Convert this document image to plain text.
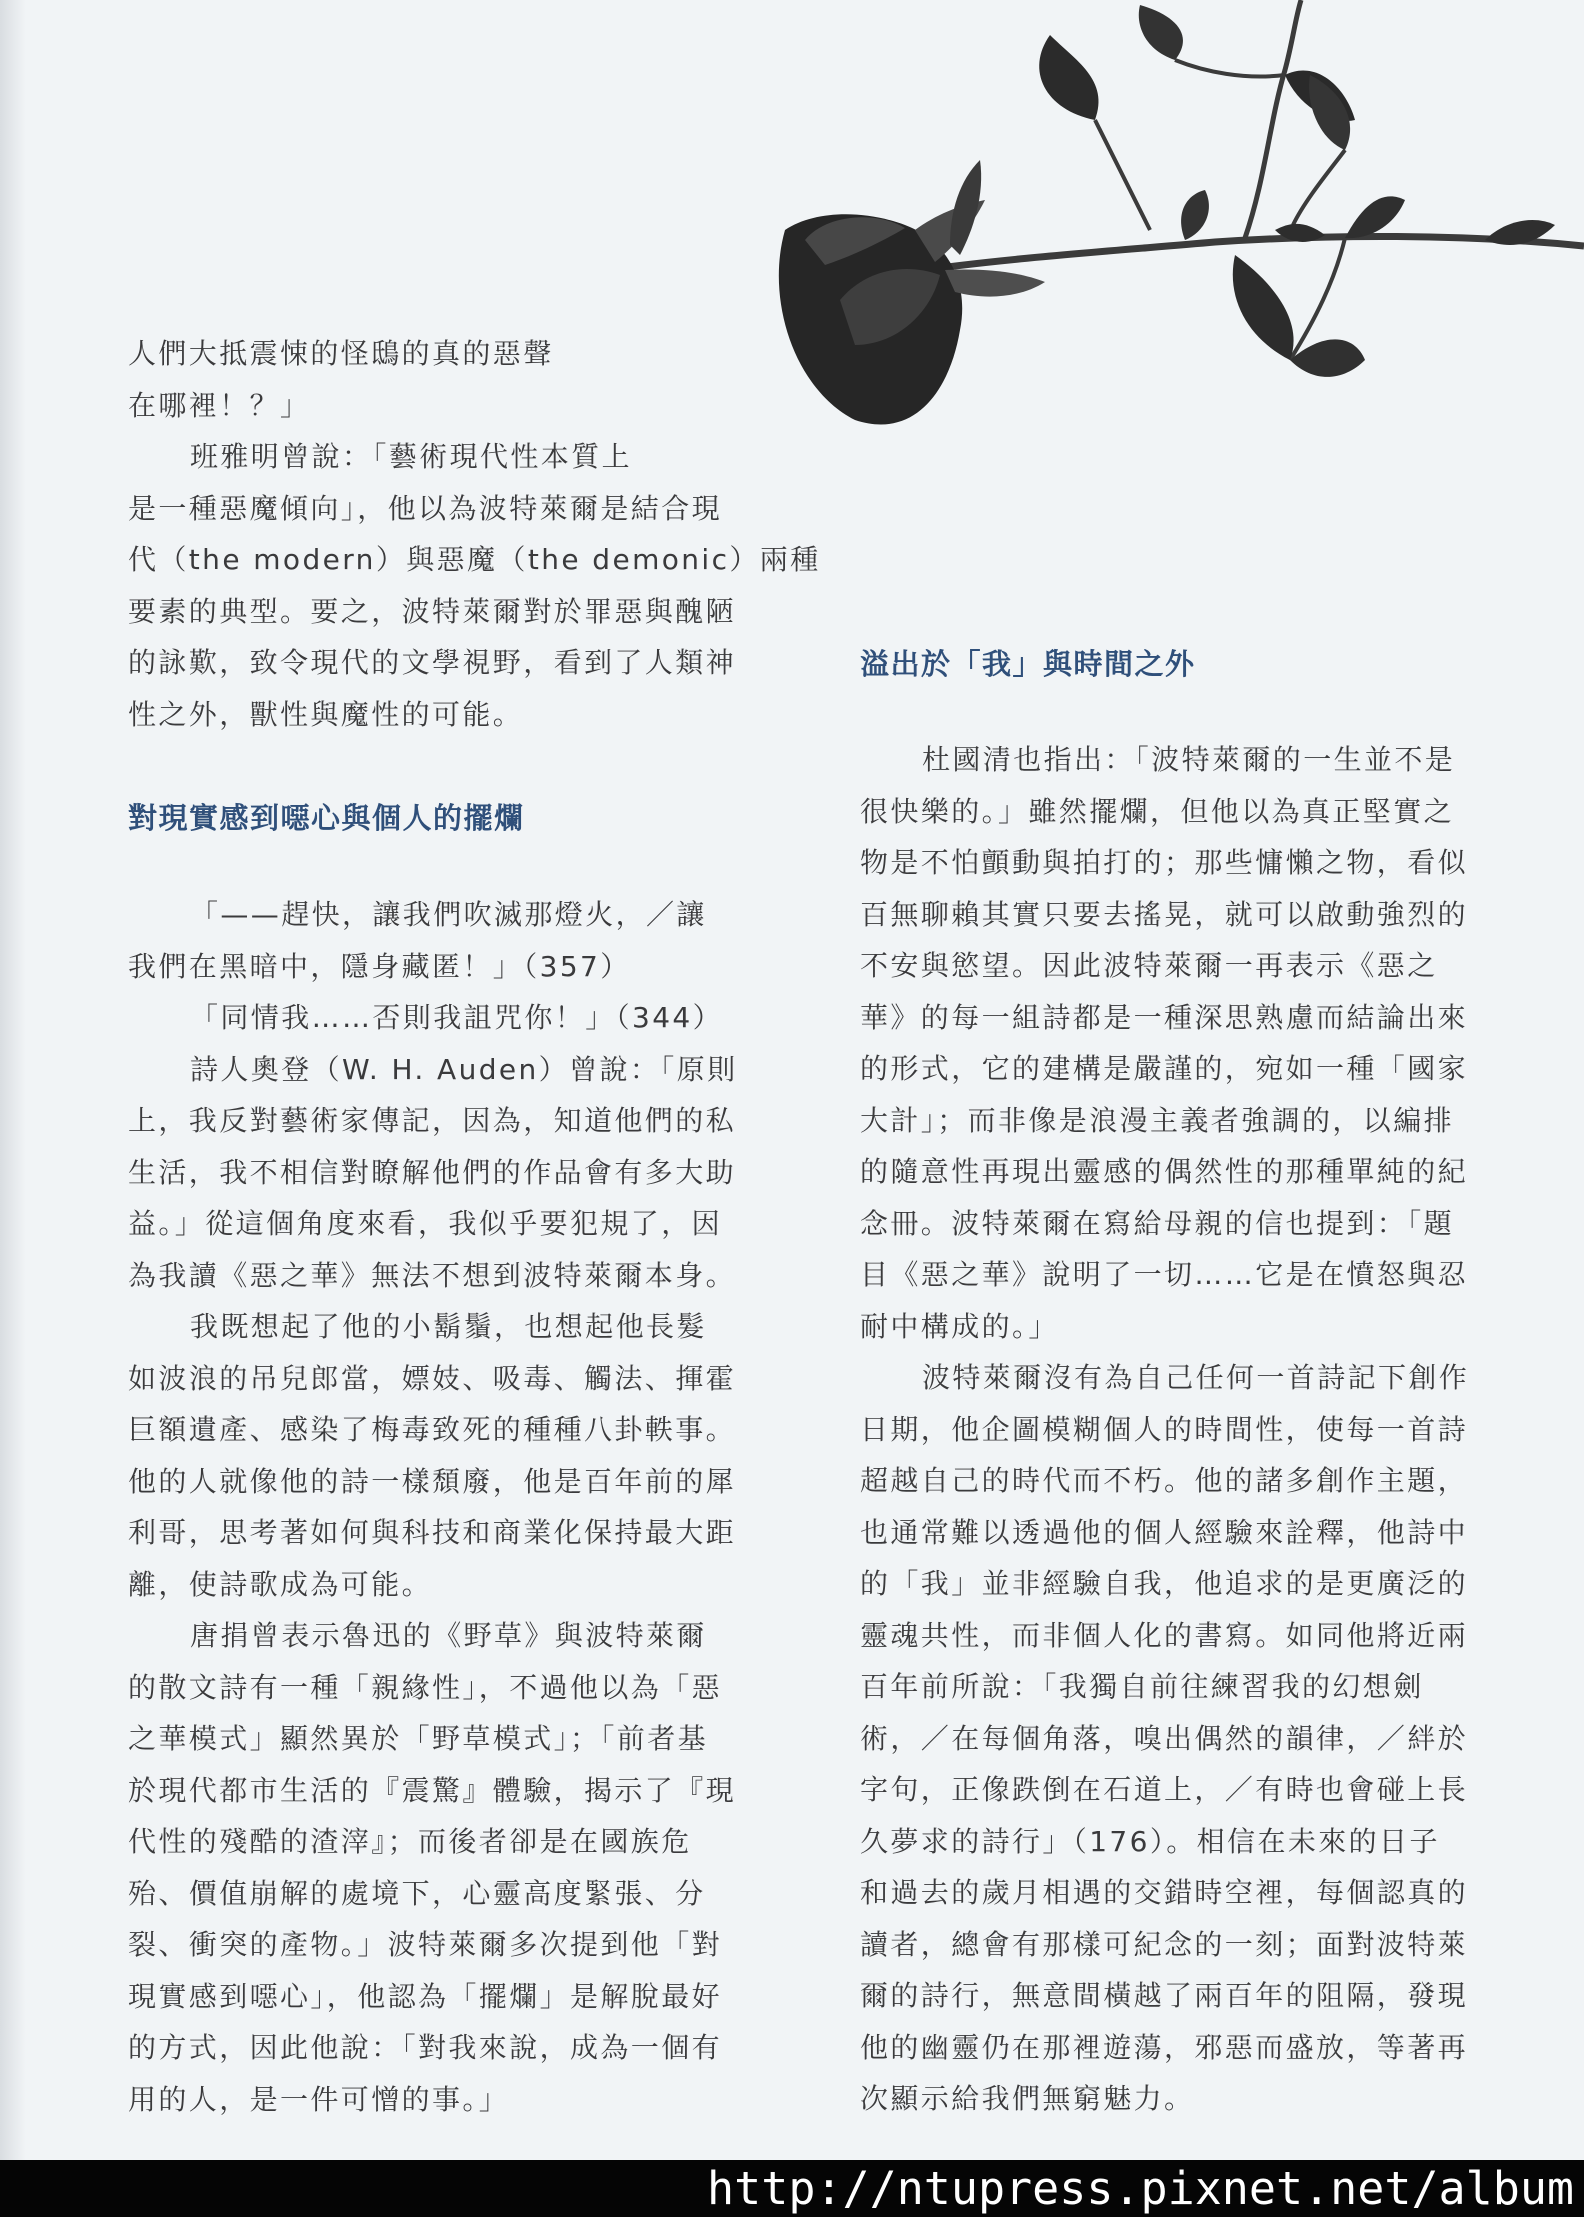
人們大抵震悚的怪鴟的真的惡聲

在哪裡！？」

班雅明曾說：「藝術現代性本質上

是一種惡魔傾向」，他以為波特萊爾是結合現

代（the modern）與惡魔（the demonic）兩種

要素的典型。要之，波特萊爾對於罪惡與醜陋

的詠歎，致令現代的文學視野，看到了人類神

性之外，獸性與魔性的可能。

對現實感到噁心與個人的擺爛

「——趕快，讓我們吹滅那燈火，／讓

我們在黑暗中，隱身藏匿！」（357）

「同情我……否則我詛咒你！」（344）

詩人奧登（W. H. Auden）曾說：「原則

上，我反對藝術家傳記，因為，知道他們的私

生活，我不相信對瞭解他們的作品會有多大助

益。」從這個角度來看，我似乎要犯規了，因

為我讀《惡之華》無法不想到波特萊爾本身。

我既想起了他的小鬍鬚，也想起他長髮

如波浪的吊兒郎當，嫖妓、吸毒、觸法、揮霍

巨額遺產、感染了梅毒致死的種種八卦軼事。

他的人就像他的詩一樣頹廢，他是百年前的犀

利哥，思考著如何與科技和商業化保持最大距

離，使詩歌成為可能。

唐捐曾表示魯迅的《野草》與波特萊爾

的散文詩有一種「親緣性」，不過他以為「惡

之華模式」顯然異於「野草模式」；「前者基

於現代都市生活的『震驚』體驗，揭示了『現

代性的殘酷的渣滓』；而後者卻是在國族危

殆、價值崩解的處境下，心靈高度緊張、分

裂、衝突的產物。」波特萊爾多次提到他「對

現實感到噁心」，他認為「擺爛」是解脫最好

的方式，因此他說：「對我來說，成為一個有

用的人，是一件可憎的事。」

溢出於「我」與時間之外

杜國清也指出：「波特萊爾的一生並不是

很快樂的。」雖然擺爛，但他以為真正堅實之

物是不怕顫動與拍打的；那些慵懶之物，看似

百無聊賴其實只要去搖晃，就可以啟動強烈的

不安與慾望。因此波特萊爾一再表示《惡之

華》的每一組詩都是一種深思熟慮而結論出來

的形式，它的建構是嚴謹的，宛如一種「國家

大計」；而非像是浪漫主義者強調的，以編排

的隨意性再現出靈感的偶然性的那種單純的紀

念冊。波特萊爾在寫給母親的信也提到：「題

目《惡之華》說明了一切……它是在憤怒與忍

耐中構成的。」

波特萊爾沒有為自己任何一首詩記下創作

日期，他企圖模糊個人的時間性，使每一首詩

超越自己的時代而不朽。他的諸多創作主題，

也通常難以透過他的個人經驗來詮釋，他詩中

的「我」並非經驗自我，他追求的是更廣泛的

靈魂共性，而非個人化的書寫。如同他將近兩

百年前所說：「我獨自前往練習我的幻想劍

術，／在每個角落，嗅出偶然的韻律，／絆於

字句，正像跌倒在石道上，／有時也會碰上長

久夢求的詩行」（176）。相信在未來的日子

和過去的歲月相遇的交錯時空裡，每個認真的

讀者，總會有那樣可紀念的一刻；面對波特萊

爾的詩行，無意間橫越了兩百年的阻隔，發現

他的幽靈仍在那裡遊蕩，邪惡而盛放，等著再

次顯示給我們無窮魅力。

http://ntupress.pixnet.net/album
